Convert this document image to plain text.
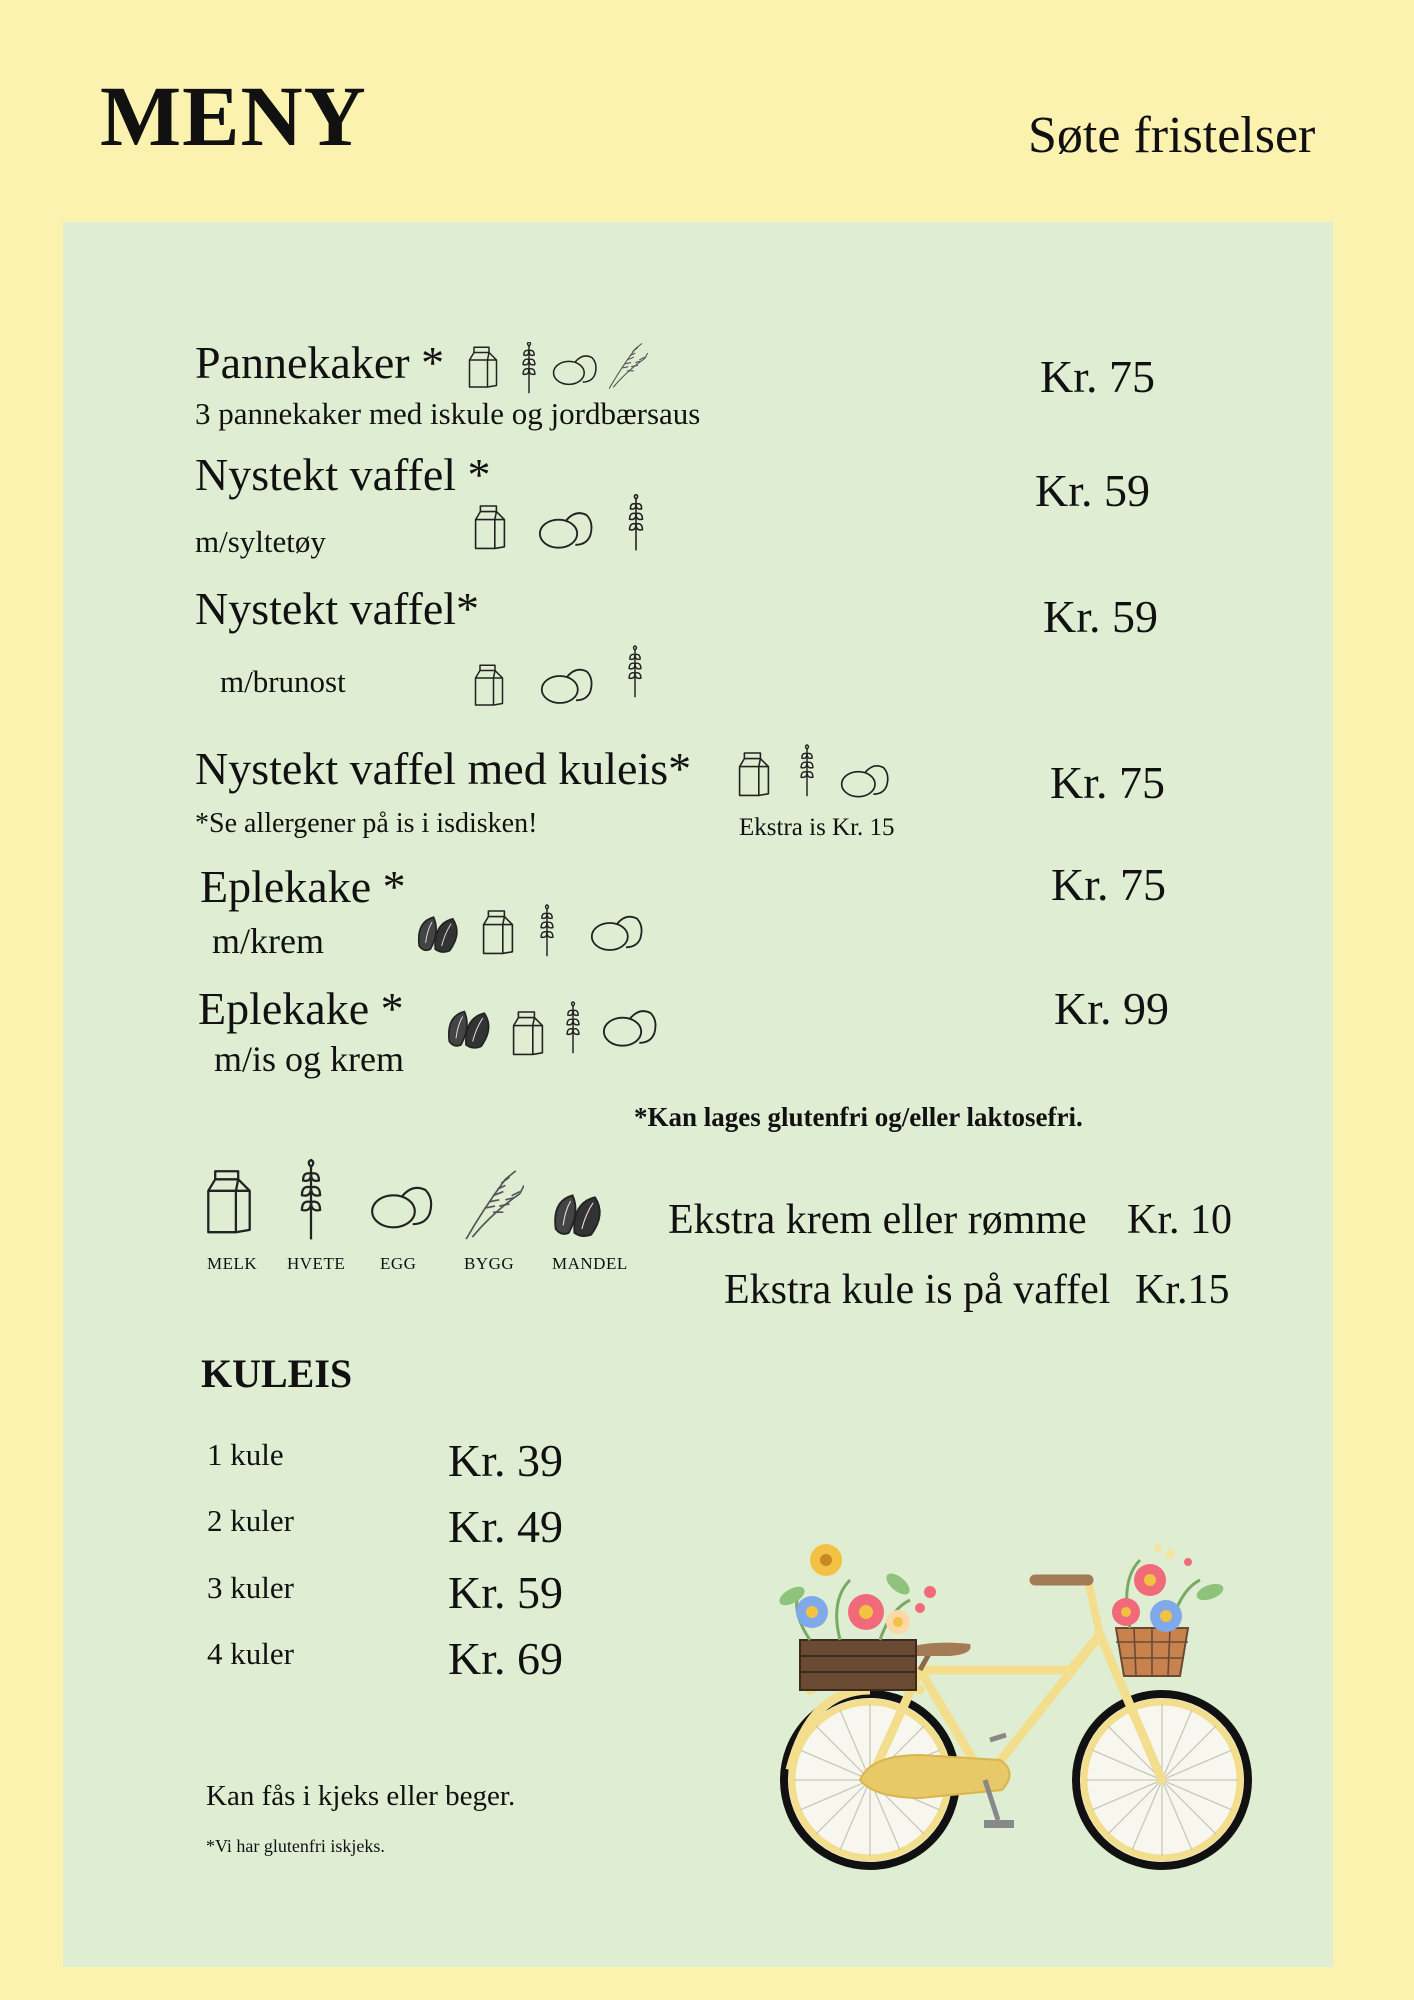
MENY	Søte fristelser
Pannekaker *
3 pannekaker med iskule og jordbærsaus
Kr. 75
Nystekt vaffel *
m/syltetøy
Kr. 59
Nystekt vaffel*
m/brunost
Kr. 59
Nystekt vaffel med kuleis*
*Se allergener på is i isdisken!	Ekstra is Kr. 15
Kr. 75
Eplekake *
m/krem
Kr. 75
Eplekake *
m/is og krem
Kr. 99
*Kan lages glutenfri og/eller laktosefri.
MELK HVETE EGG	BYGG MANDEL
Ekstra krem eller rømme Kr. 10
Ekstra kule is på vaffel Kr.15
KULEIS
1 kule	Kr. 39
2 kuler	Kr. 49
3 kuler	Kr. 59
4 kuler	Kr. 69
Kan fås i kjeks eller beger.
*Vi har glutenfri iskjeks.
